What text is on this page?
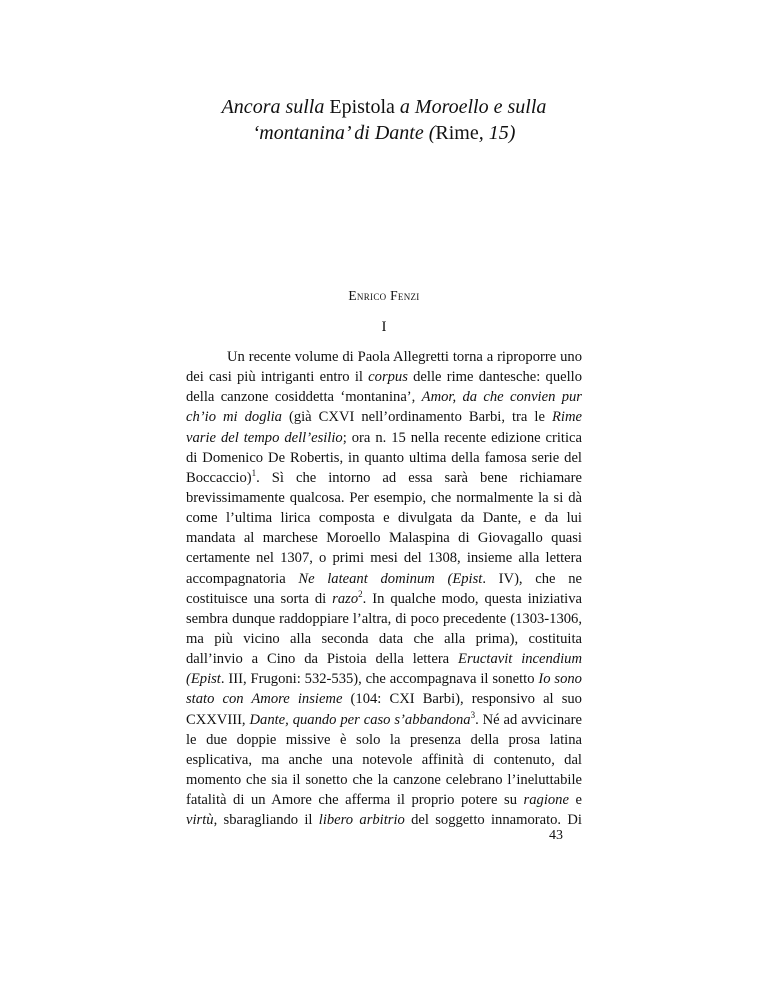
Ancora sulla Epistola a Moroello e sulla
‘montanina’ di Dante (Rime, 15)
Enrico Fenzi
I
Un recente volume di Paola Allegretti torna a riproporre uno
dei casi più intriganti entro il corpus delle rime dantesche: quello
della canzone cosiddetta ‘montanina’, Amor, da che convien pur
ch’io mi doglia (già CXVI nell’ordinamento Barbi, tra le Rime
varie del tempo dell’esilio; ora n. 15 nella recente edizione critica
di Domenico De Robertis, in quanto ultima della famosa serie del
Boccaccio)$^1$. Sì che intorno ad essa sarà bene richiamare
brevissimamente qualcosa. Per esempio, che normalmente la si dà
come l’ultima lirica composta e divulgata da Dante, e da lui
mandata al marchese Moroello Malaspina di Giovagallo quasi
certamente nel 1307, o primi mesi del 1308, insieme alla lettera
accompagnatoria Ne lateant dominum (Epist. IV), che ne
costituisce una sorta di razo$^2$. In qualche modo, questa iniziativa
sembra dunque raddoppiare l’altra, di poco precedente (1303-1306,
ma più vicino alla seconda data che alla prima), costituita
dall’invio a Cino da Pistoia della lettera Eructavit incendium
(Epist. III, Frugoni: 532-535), che accompagnava il sonetto Io sono
stato con Amore insieme (104: CXI Barbi), responsivo al suo
CXXVIII, Dante, quando per caso s’abbandona$^3$. Né ad avvicinare
le due doppie missive è solo la presenza della prosa latina
esplicativa, ma anche una notevole affinità di contenuto, dal
momento che sia il sonetto che la canzone celebrano l’ineluttabile
fatalità di un Amore che afferma il proprio potere su ragione e
virtù, sbaragliando il libero arbitrio del soggetto innamorato. Di
43
